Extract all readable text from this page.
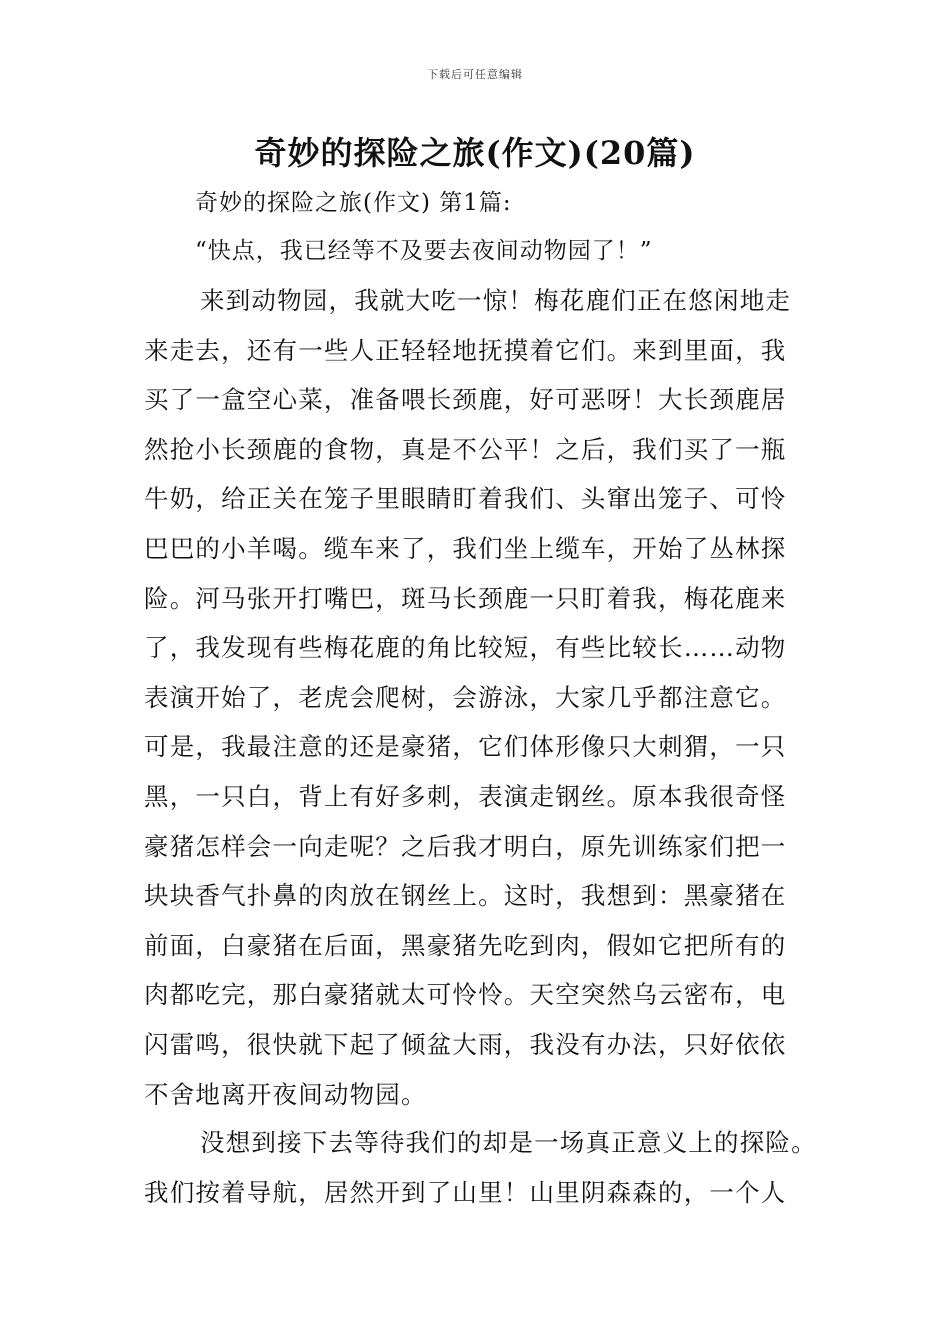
下载后可任意编辑
奇妙的探险之旅(作文)(20篇)
奇妙的探险之旅(作文) 第1篇:
“快点，我已经等不及要去夜间动物园了！”
来到动物园，我就大吃一惊！梅花鹿们正在悠闲地走
来走去，还有一些人正轻轻地抚摸着它们。来到里面，我
买了一盒空心菜，准备喂长颈鹿，好可恶呀！大长颈鹿居
然抢小长颈鹿的食物，真是不公平！之后，我们买了一瓶
牛奶，给正关在笼子里眼睛盯着我们、头窜出笼子、可怜
巴巴的小羊喝。缆车来了，我们坐上缆车，开始了丛林探
险。河马张开打嘴巴，斑马长颈鹿一只盯着我，梅花鹿来
了，我发现有些梅花鹿的角比较短，有些比较长……动物
表演开始了，老虎会爬树，会游泳，大家几乎都注意它。
可是，我最注意的还是豪猪，它们体形像只大刺猬，一只
黑，一只白，背上有好多刺，表演走钢丝。原本我很奇怪
豪猪怎样会一向走呢？之后我才明白，原先训练家们把一
块块香气扑鼻的肉放在钢丝上。这时，我想到：黑豪猪在
前面，白豪猪在后面，黑豪猪先吃到肉，假如它把所有的
肉都吃完，那白豪猪就太可怜怜。天空突然乌云密布，电
闪雷鸣，很快就下起了倾盆大雨，我没有办法，只好依依
不舍地离开夜间动物园。
没想到接下去等待我们的却是一场真正意义上的探险。
我们按着导航，居然开到了山里！山里阴森森的，一个人
